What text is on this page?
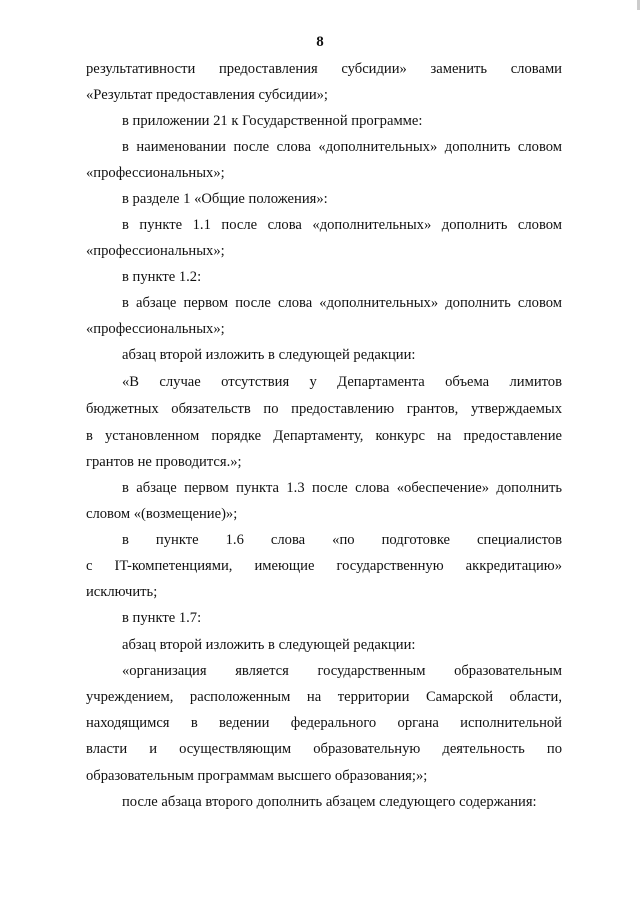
8
результативности предоставления субсидии» заменить словами
«Результат предоставления субсидии»;
в приложении 21 к Государственной программе:
в наименовании после слова «дополнительных» дополнить словом
«профессиональных»;
в разделе 1 «Общие положения»:
в пункте 1.1 после слова «дополнительных» дополнить словом
«профессиональных»;
в пункте 1.2:
в абзаце первом после слова «дополнительных» дополнить словом
«профессиональных»;
абзац второй изложить в следующей редакции:
«В случае отсутствия у Департамента объема лимитов
бюджетных обязательств по предоставлению грантов, утверждаемых
в установленном порядке Департаменту, конкурс на предоставление
грантов не проводится.»;
в абзаце первом пункта 1.3 после слова «обеспечение» дополнить
словом «(возмещение)»;
в пункте 1.6 слова «по подготовке специалистов
с IT-компетенциями, имеющие государственную аккредитацию»
исключить;
в пункте 1.7:
абзац второй изложить в следующей редакции:
«организация является государственным образовательным
учреждением, расположенным на территории Самарской области,
находящимся в ведении федерального органа исполнительной
власти и осуществляющим образовательную деятельность по
образовательным программам высшего образования;»;
после абзаца второго дополнить абзацем следующего содержания:
